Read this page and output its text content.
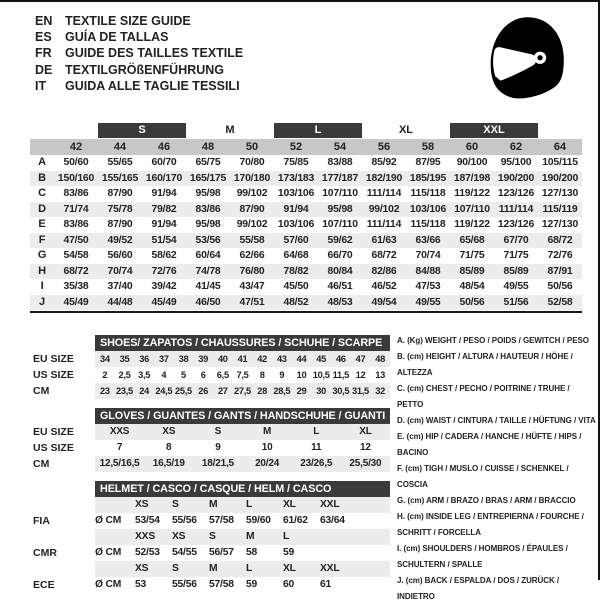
EN	TEXTILE SIZE GUIDE
ES	GUÍA DE TALLAS
FR	GUIDE DES TAILLES TEXTILE
DE	TEXTILGRÖßENFÜHRUNG
IT	GUIDA ALLE TAGLIE TESSILI
S	M	L	XL	XXL
42	44	46	48	50	52	54	56	58	60	62	64
A	50/60	55/65	60/70	65/75	70/80	75/85	83/88	85/92	87/95	90/100	95/100	105/115
B	150/160 155/165 160/170 165/175 170/180 173/183 177/187 182/190 185/195 187/198 190/200 190/200
C	83/86	87/90	91/94	95/98	99/102	103/106 107/110 111/114 115/118 119/122 123/126 127/130
D	71/74	75/78	79/82	83/86	87/90	91/94	95/98	99/102	103/106 107/110 111/114 115/119
E	83/86	87/90	91/94	95/98	99/102	103/106 107/110 111/114 115/118 119/122 123/126 127/130
F	47/50	49/52	51/54	53/56	55/58	57/60	59/62	61/63	63/66	65/68	67/70	68/72
G	54/58	56/60	58/62	60/64	62/66	64/68	66/70	68/72	70/74	71/75	71/75	72/76
H	68/72	70/74	72/76	74/78	76/80	78/82	80/84	82/86	84/88	85/89	85/89	87/91
I	35/38	37/40	39/42	41/45	43/47	45/50	46/51	46/52	47/53	48/54	49/55	50/56
J	45/49	44/48	45/49	46/50	47/51	48/52	48/53	49/54	49/55	50/56	51/56	52/58
SHOES/ ZAPATOS / CHAUSSURES / SCHUHE / SCARPE
EU SIZE	34	35	36	37	38	39	40	41	42	43	44	45	46	47	48
US SIZE	2	2,5 3,5	4	5	6	6,5 7,5	8	9	10 10,5 11,5 12	13
CM	23 23,5 24 24,5 25,5 26	27 27,5 28 28,5 29	30 30,5 31,5 32
GLOVES / GUANTES / GANTS / HANDSCHUHE / GUANTI
EU SIZE	XXS	XS	S	M	L	XL
US SIZE	7	8	9	10	11	12
CM	12,5/16,5	16,5/19	18/21,5	20/24	23/26,5	25,5/30
HELMET / CASCO / CASQUE / HELM / CASCO
XS	S	M	L	XL	XXL
FIA	Ø CM	53/54	55/56	57/58	59/60	61/62	63/64
XXS	XS	S	M	L
CMR	Ø CM	52/53	54/55	56/57	58	59
XS	S	M	L	XL	XXL
ECE	Ø CM	53	55/56	57/58	59	60	61
A. (Kg) WEIGHT / PESO / POIDS / GEWITCH / PESO
B. (cm) HEIGHT / ALTURA / HAUTEUR / HÖHE / ALTEZZA
C. (cm) CHEST / PECHO / POITRINE / TRUHE / PETTO
D. (cm) WAIST / CINTURA / TAILLE / HÜFTUNG / VITA
E. (cm) HIP / CADERA / HANCHE / HÜFTE / HIPS / BACINO
F. (cm) TIGH / MUSLO / CUISSE / SCHENKEL / COSCIA
G. (cm) ARM / BRAZO / BRAS / ARM / BRACCIO
H. (cm) INSIDE LEG / ENTREPIERNA / FOURCHE / SCHRITT / FORCELLA
I. (cm) SHOULDERS / HOMBROS / ÉPAULES / SCHULTERN / SPALLE
J. (cm) BACK / ESPALDA / DOS / ZURÜCK / INDIETRO
